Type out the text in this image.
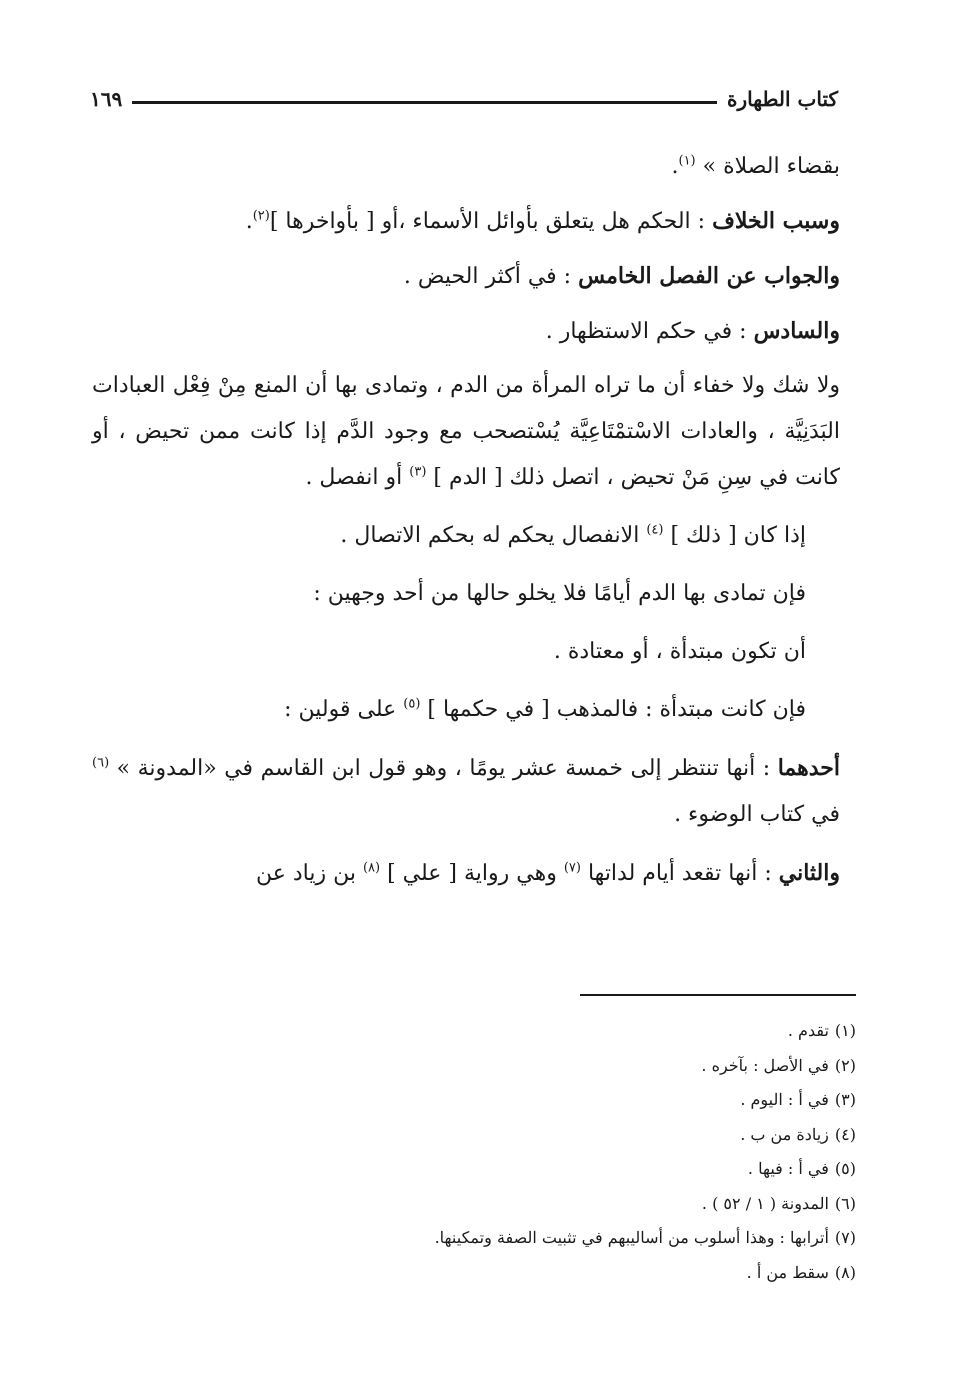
كتاب الطهارة
١٦٩

بقضاء الصلاة » $^{(١)}$.

وسبب الخلاف : الحكم هل يتعلق بأوائل الأسماء ،أو [ بأواخرها ]$^{(٢)}$.

والجواب عن الفصل الخامس : في أكثر الحيض .

والسادس : في حكم الاستظهار .

ولا شك ولا خفاء أن ما تراه المرأة من الدم ، وتمادى بها أن المنع مِنْ فِعْل العبادات البَدَنِيَّة ، والعادات الاسْتمْتَاعِيَّة يُسْتصحب مع وجود الدَّم إذا كانت ممن تحيض ، أو كانت في سِنِ مَنْ تحيض ، اتصل ذلك [ الدم ] $^{(٣)}$ أو انفصل .

إذا كان [ ذلك ] $^{(٤)}$ الانفصال يحكم له بحكم الاتصال .

فإن تمادى بها الدم أيامًا فلا يخلو حالها من أحد وجهين :

أن تكون مبتدأة ، أو معتادة .

فإن كانت مبتدأة : فالمذهب [ في حكمها ] $^{(٥)}$ على قولين :

أحدهما : أنها تنتظر إلى خمسة عشر يومًا ، وهو قول ابن القاسم في «المدونة » $^{(٦)}$ في كتاب الوضوء .

والثاني : أنها تقعد أيام لداتها $^{(٧)}$ وهي رواية [ علي ] $^{(٨)}$ بن زياد عن

(١)
تقدم .
(٢)
في الأصل : بآخره .
(٣)
في أ : اليوم .
(٤)
زيادة من ب .
(٥)
في أ : فيها .
(٦)
المدونة ( ١ / ٥٢ ) .
(٧)
أترابها : وهذا أسلوب من أساليبهم في تثبيت الصفة وتمكينها.
(٨)
سقط من أ .
